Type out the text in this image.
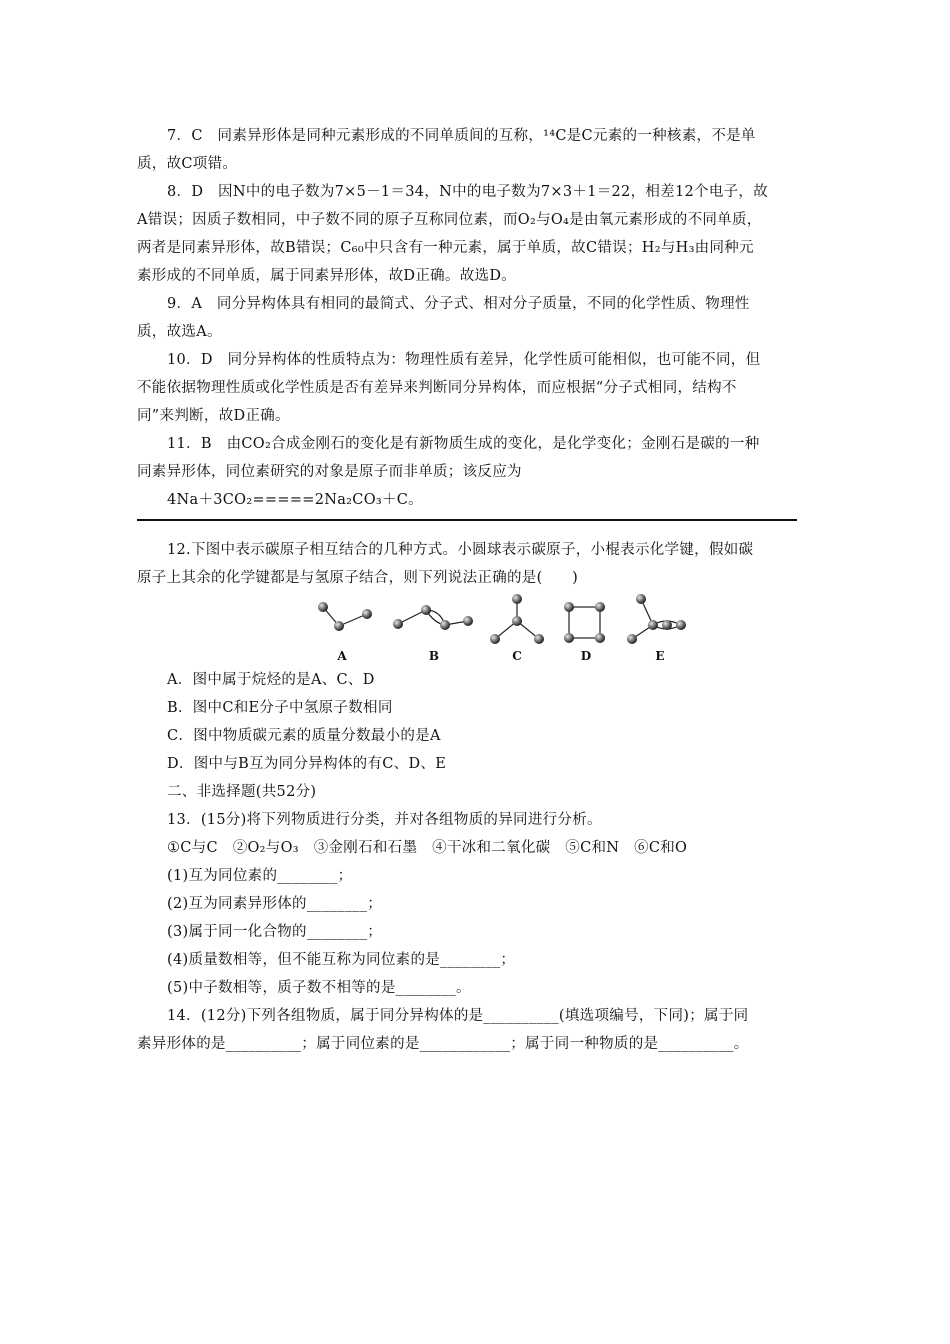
7．C　同素异形体是同种元素形成的不同单质间的互称，¹⁴C是C元素的一种核素，不是单
质，故C项错。
8．D　因N中的电子数为7×5－1＝34，N中的电子数为7×3＋1＝22，相差12个电子，故
A错误；因质子数相同，中子数不同的原子互称同位素，而O₂与O₄是由氧元素形成的不同单质，
两者是同素异形体，故B错误；C₆₀中只含有一种元素，属于单质，故C错误；H₂与H₃由同种元
素形成的不同单质，属于同素异形体，故D正确。故选D。
9．A　同分异构体具有相同的最简式、分子式、相对分子质量，不同的化学性质、物理性
质，故选A。
10．D　同分异构体的性质特点为：物理性质有差异，化学性质可能相似，也可能不同，但
不能依据物理性质或化学性质是否有差异来判断同分异构体，而应根据“分子式相同，结构不
同”来判断，故D正确。
11．B　由CO₂合成金刚石的变化是有新物质生成的变化，是化学变化；金刚石是碳的一种
同素异形体，同位素研究的对象是原子而非单质；该反应为
4Na＋3CO₂=====2Na₂CO₃＋C。
12.下图中表示碳原子相互结合的几种方式。小圆球表示碳原子，小棍表示化学键，假如碳
原子上其余的化学键都是与氢原子结合，则下列说法正确的是(　　)
A	B	C	D	E
A．图中属于烷烃的是A、C、D
B．图中C和E分子中氢原子数相同
C．图中物质碳元素的质量分数最小的是A
D．图中与B互为同分异构体的有C、D、E
二、非选择题(共52分)
13．(15分)将下列物质进行分类，并对各组物质的异同进行分析。
①C与C　②O₂与O₃　③金刚石和石墨　④干冰和二氧化碳　⑤C和N　⑥C和O
(1)互为同位素的________；
(2)互为同素异形体的________；
(3)属于同一化合物的________；
(4)质量数相等，但不能互称为同位素的是________；
(5)中子数相等，质子数不相等的是________。
14．(12分)下列各组物质，属于同分异构体的是__________(填选项编号，下同)；属于同
素异形体的是__________；属于同位素的是____________；属于同一种物质的是__________。
